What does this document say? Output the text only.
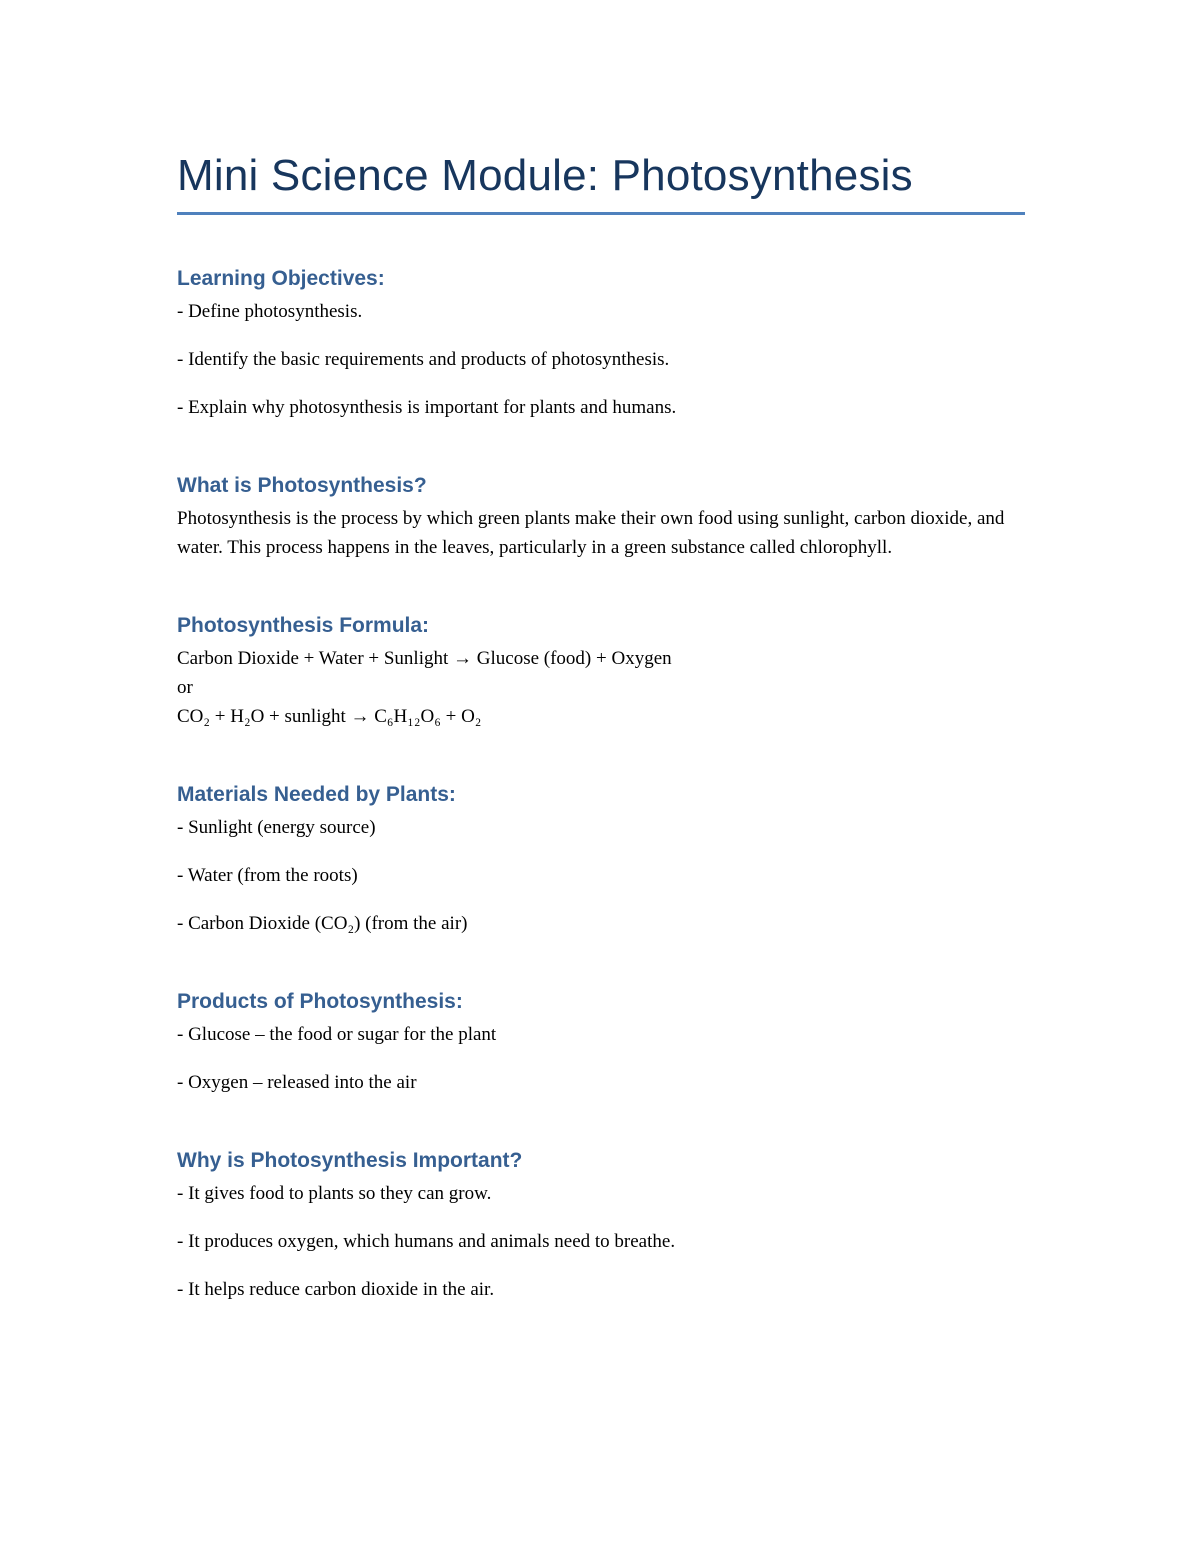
Mini Science Module: Photosynthesis
Learning Objectives:

- Define photosynthesis.

- Identify the basic requirements and products of photosynthesis.

- Explain why photosynthesis is important for plants and humans.

What is Photosynthesis?

Photosynthesis is the process by which green plants make their own food using sunlight, carbon dioxide, and water. This process happens in the leaves, particularly in a green substance called chlorophyll.

Photosynthesis Formula:

Carbon Dioxide + Water + Sunlight → Glucose (food) + Oxygen

or

CO₂ + H₂O + sunlight → C₆H₁₂O₆ + O₂

Materials Needed by Plants:

- Sunlight (energy source)

- Water (from the roots)

- Carbon Dioxide (CO₂) (from the air)

Products of Photosynthesis:

- Glucose – the food or sugar for the plant

- Oxygen – released into the air

Why is Photosynthesis Important?

- It gives food to plants so they can grow.

- It produces oxygen, which humans and animals need to breathe.

- It helps reduce carbon dioxide in the air.
